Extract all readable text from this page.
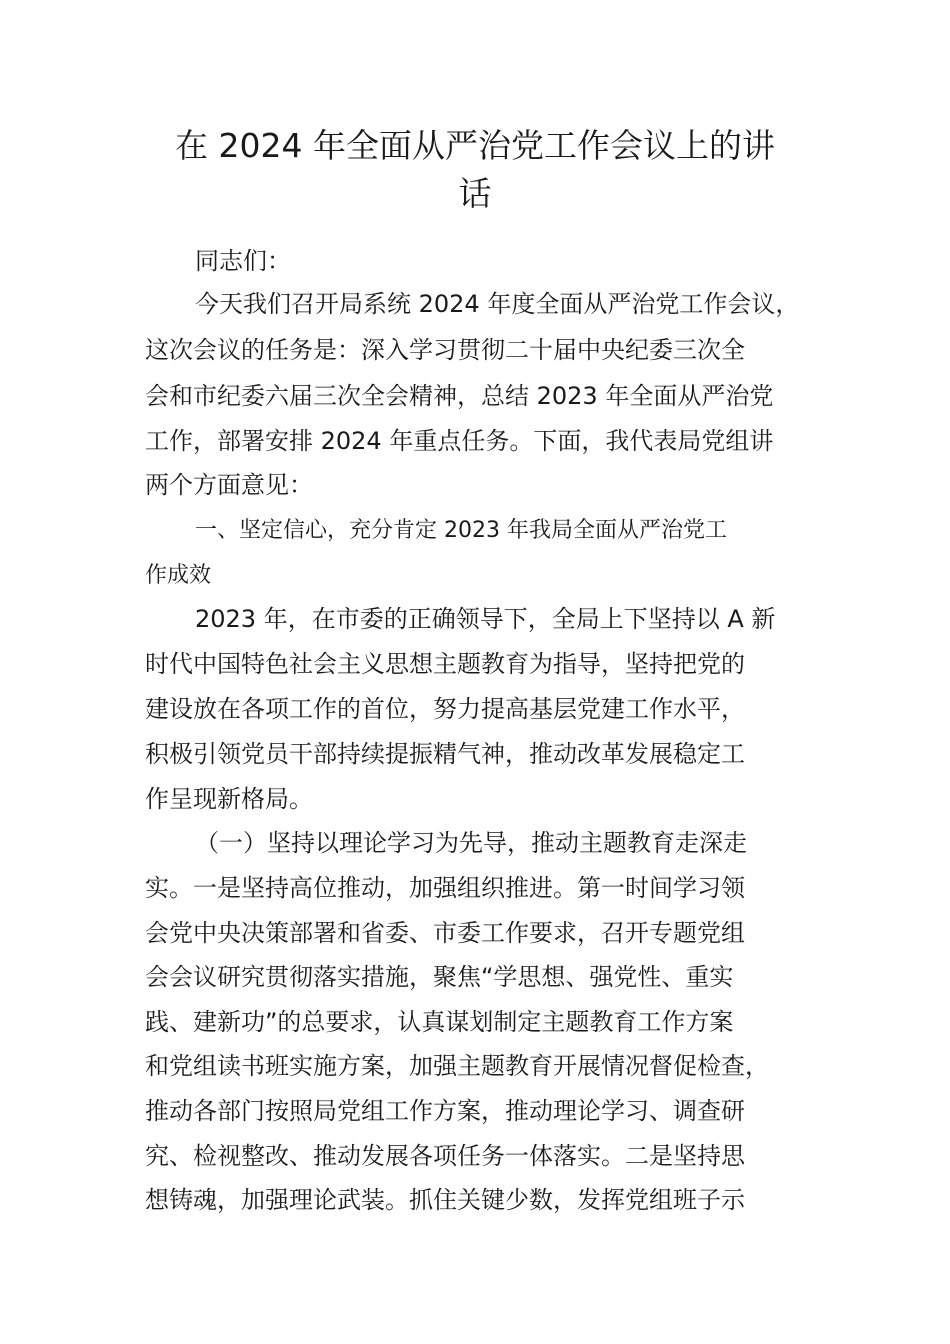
在 2024 年全面从严治党工作会议上的讲
话

同志们：

今天我们召开局系统 2024 年度全面从严治党工作会议，

这次会议的任务是：深入学习贯彻二十届中央纪委三次全

会和市纪委六届三次全会精神，总结 2023 年全面从严治党

工作，部署安排 2024 年重点任务。下面，我代表局党组讲

两个方面意见：

一、坚定信心，充分肯定 2023 年我局全面从严治党工

作成效

2023 年，在市委的正确领导下，全局上下坚持以 A 新

时代中国特色社会主义思想主题教育为指导，坚持把党的

建设放在各项工作的首位，努力提高基层党建工作水平，

积极引领党员干部持续提振精气神，推动改革发展稳定工

作呈现新格局。

（一）坚持以理论学习为先导，推动主题教育走深走

实。一是坚持高位推动，加强组织推进。第一时间学习领

会党中央决策部署和省委、市委工作要求，召开专题党组

会会议研究贯彻落实措施，聚焦“学思想、强党性、重实

践、建新功”的总要求，认真谋划制定主题教育工作方案

和党组读书班实施方案，加强主题教育开展情况督促检查，

推动各部门按照局党组工作方案，推动理论学习、调查研

究、检视整改、推动发展各项任务一体落实。二是坚持思

想铸魂，加强理论武装。抓住关键少数，发挥党组班子示
